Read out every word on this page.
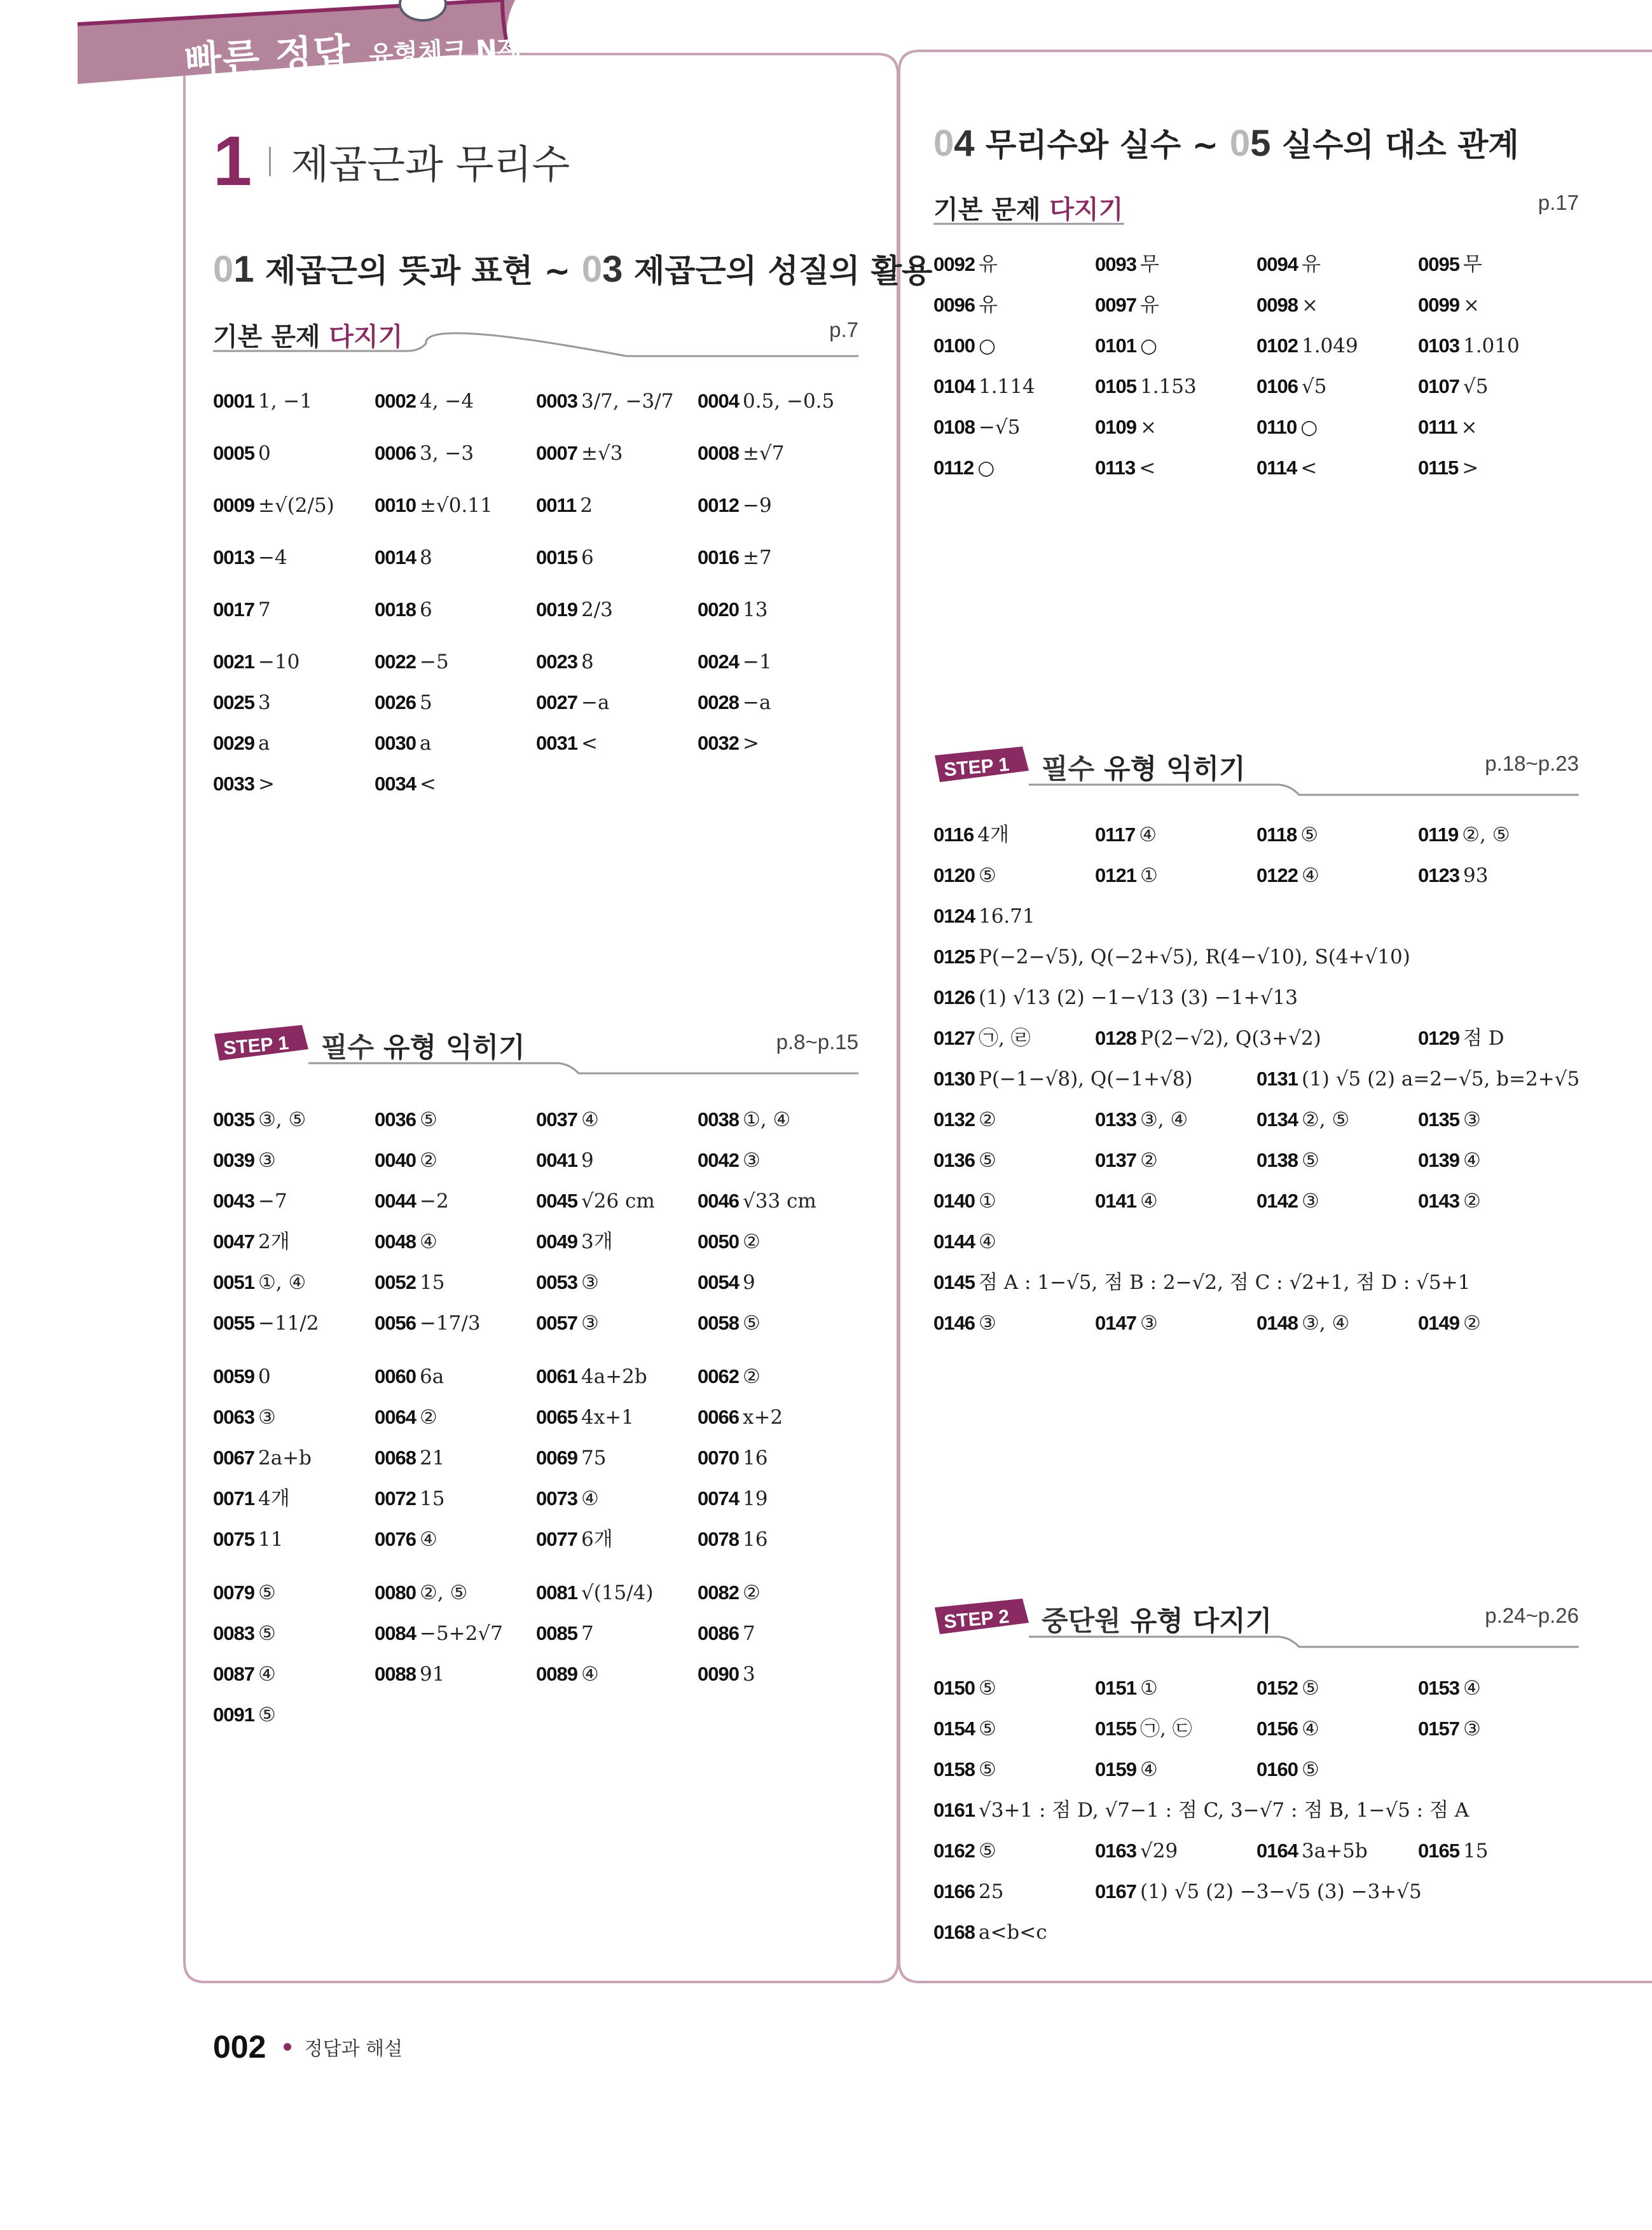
빠른 정답 유형체크 N제
1 제곱근과 무리수
01 제곱근의 뜻과 표현 ~ 03 제곱근의 성질의 활용
기본 문제 다지기	p.7
STEP 1 필수 유형 익히기	p.8~p.15
04 무리수와 실수 ~ 05 실수의 대소 관계
기본 문제 다지기	p.17
STEP 1 필수 유형 익히기	p.18~p.23
STEP 2 중단원 유형 다지기	p.24~p.26
0001 1, −1	0002 4, −4	0003 3/7, −3/7 0004 0.5, −0.5
0005 0	0006 3, −3	0007 ±√3	0008 ±√7
0009 ±√(2/5) 0010 ±√0.11 0011 2	0012 −9
0013 −4	0014 8	0015 6	0016 ±7
0017 7	0018 6	0019 2/3	0020 13
0021 −10	0022 −5	0023 8	0024 −1
0025 3	0026 5	0027 −a	0028 −a
0029 a	0030 a	0031 <	0032 >
0033 >	0034 <
0035 ③, ⑤	0036 ⑤	0037 ④	0038 ①, ④
0039 ③	0040 ②	0041 9	0042 ③
0043 −7	0044 −2	0045 √26 cm 0046 √33 cm
0047 2개	0048 ④	0049 3개	0050 ②
0051 ①, ④	0052 15	0053 ③	0054 9
0055 −11/2	0056 −17/3	0057 ③	0058 ⑤
0059 0	0060 6a	0061 4a+2b	0062 ②
0063 ③	0064 ②	0065 4x+1	0066 x+2
0067 2a+b	0068 21	0069 75	0070 16
0071 4개	0072 15	0073 ④	0074 19
0075 11	0076 ④	0077 6개	0078 16
0079 ⑤	0080 ②, ⑤	0081 √(15/4) 0082 ②
0083 ⑤	0084 −5+2√7 0085 7	0086 7
0087 ④	0088 91	0089 ④	0090 3
0091 ⑤
0092 유	0093 무	0094 유	0095 무
0096 유	0097 유	0098 ×	0099 ×
0100 ○	0101 ○	0102 1.049	0103 1.010
0104 1.114	0105 1.153	0106 √5	0107 √5
0108 −√5	0109 ×	0110 ○	0111 ×
0112 ○	0113 <	0114 <	0115 >
0116 4개	0117 ④	0118 ⑤	0119 ②, ⑤
0120 ⑤	0121 ①	0122 ④	0123 93
0124 16.71
0125 P(−2−√5), Q(−2+√5), R(4−√10), S(4+√10)
0126 (1) √13 (2) −1−√13 (3) −1+√13
0127 ㉠, ㉣	0128 P(2−√2), Q(3+√2)	0129 점 D
0130 P(−1−√8), Q(−1+√8)	0131 (1) √5 (2) a=2−√5, b=2+√5
0132 ②	0133 ③, ④	0134 ②, ⑤	0135 ③
0136 ⑤	0137 ②	0138 ⑤	0139 ④
0140 ①	0141 ④	0142 ③	0143 ②
0144 ④
0145 점 A : 1−√5, 점 B : 2−√2, 점 C : √2+1, 점 D : √5+1
0146 ③	0147 ③	0148 ③, ④	0149 ②
0150 ⑤	0151 ①	0152 ⑤	0153 ④
0154 ⑤	0155 ㉠, ㉢	0156 ④	0157 ③
0158 ⑤	0159 ④	0160 ⑤
0161 √3+1 : 점 D, √7−1 : 점 C, 3−√7 : 점 B, 1−√5 : 점 A
0162 ⑤	0163 √29	0164 3a+5b	0165 15
0166 25	0167 (1) √5 (2) −3−√5 (3) −3+√5
0168 a<b<c
002 정답과 해설
